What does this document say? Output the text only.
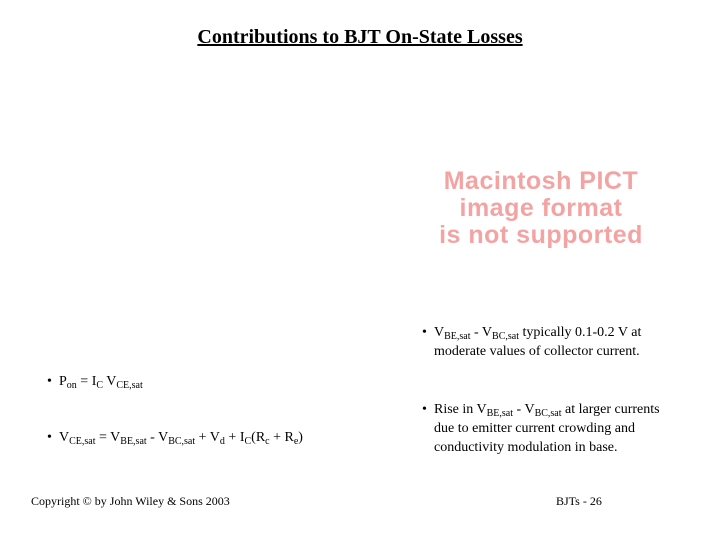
Contributions to BJT On-State Losses
Macintosh PICT
image format
is not supported
• $V_{BE,sat} - V_{BC,sat}$ typically 0.1-0.2 V at
moderate values of collector current.
• $P_{on} = I_C$ $V_{CE,sat}$
• $V_{CE,sat} = V_{BE,sat} - V_{BC,sat} + V_d + I_C(R_c + R_e)$
• Rise in $V_{BE,sat} - V_{BC,sat}$ at larger currents
due to emitter current crowding and
conductivity modulation in base.
Copyright © by John Wiley & Sons 2003	BJTs - 26
